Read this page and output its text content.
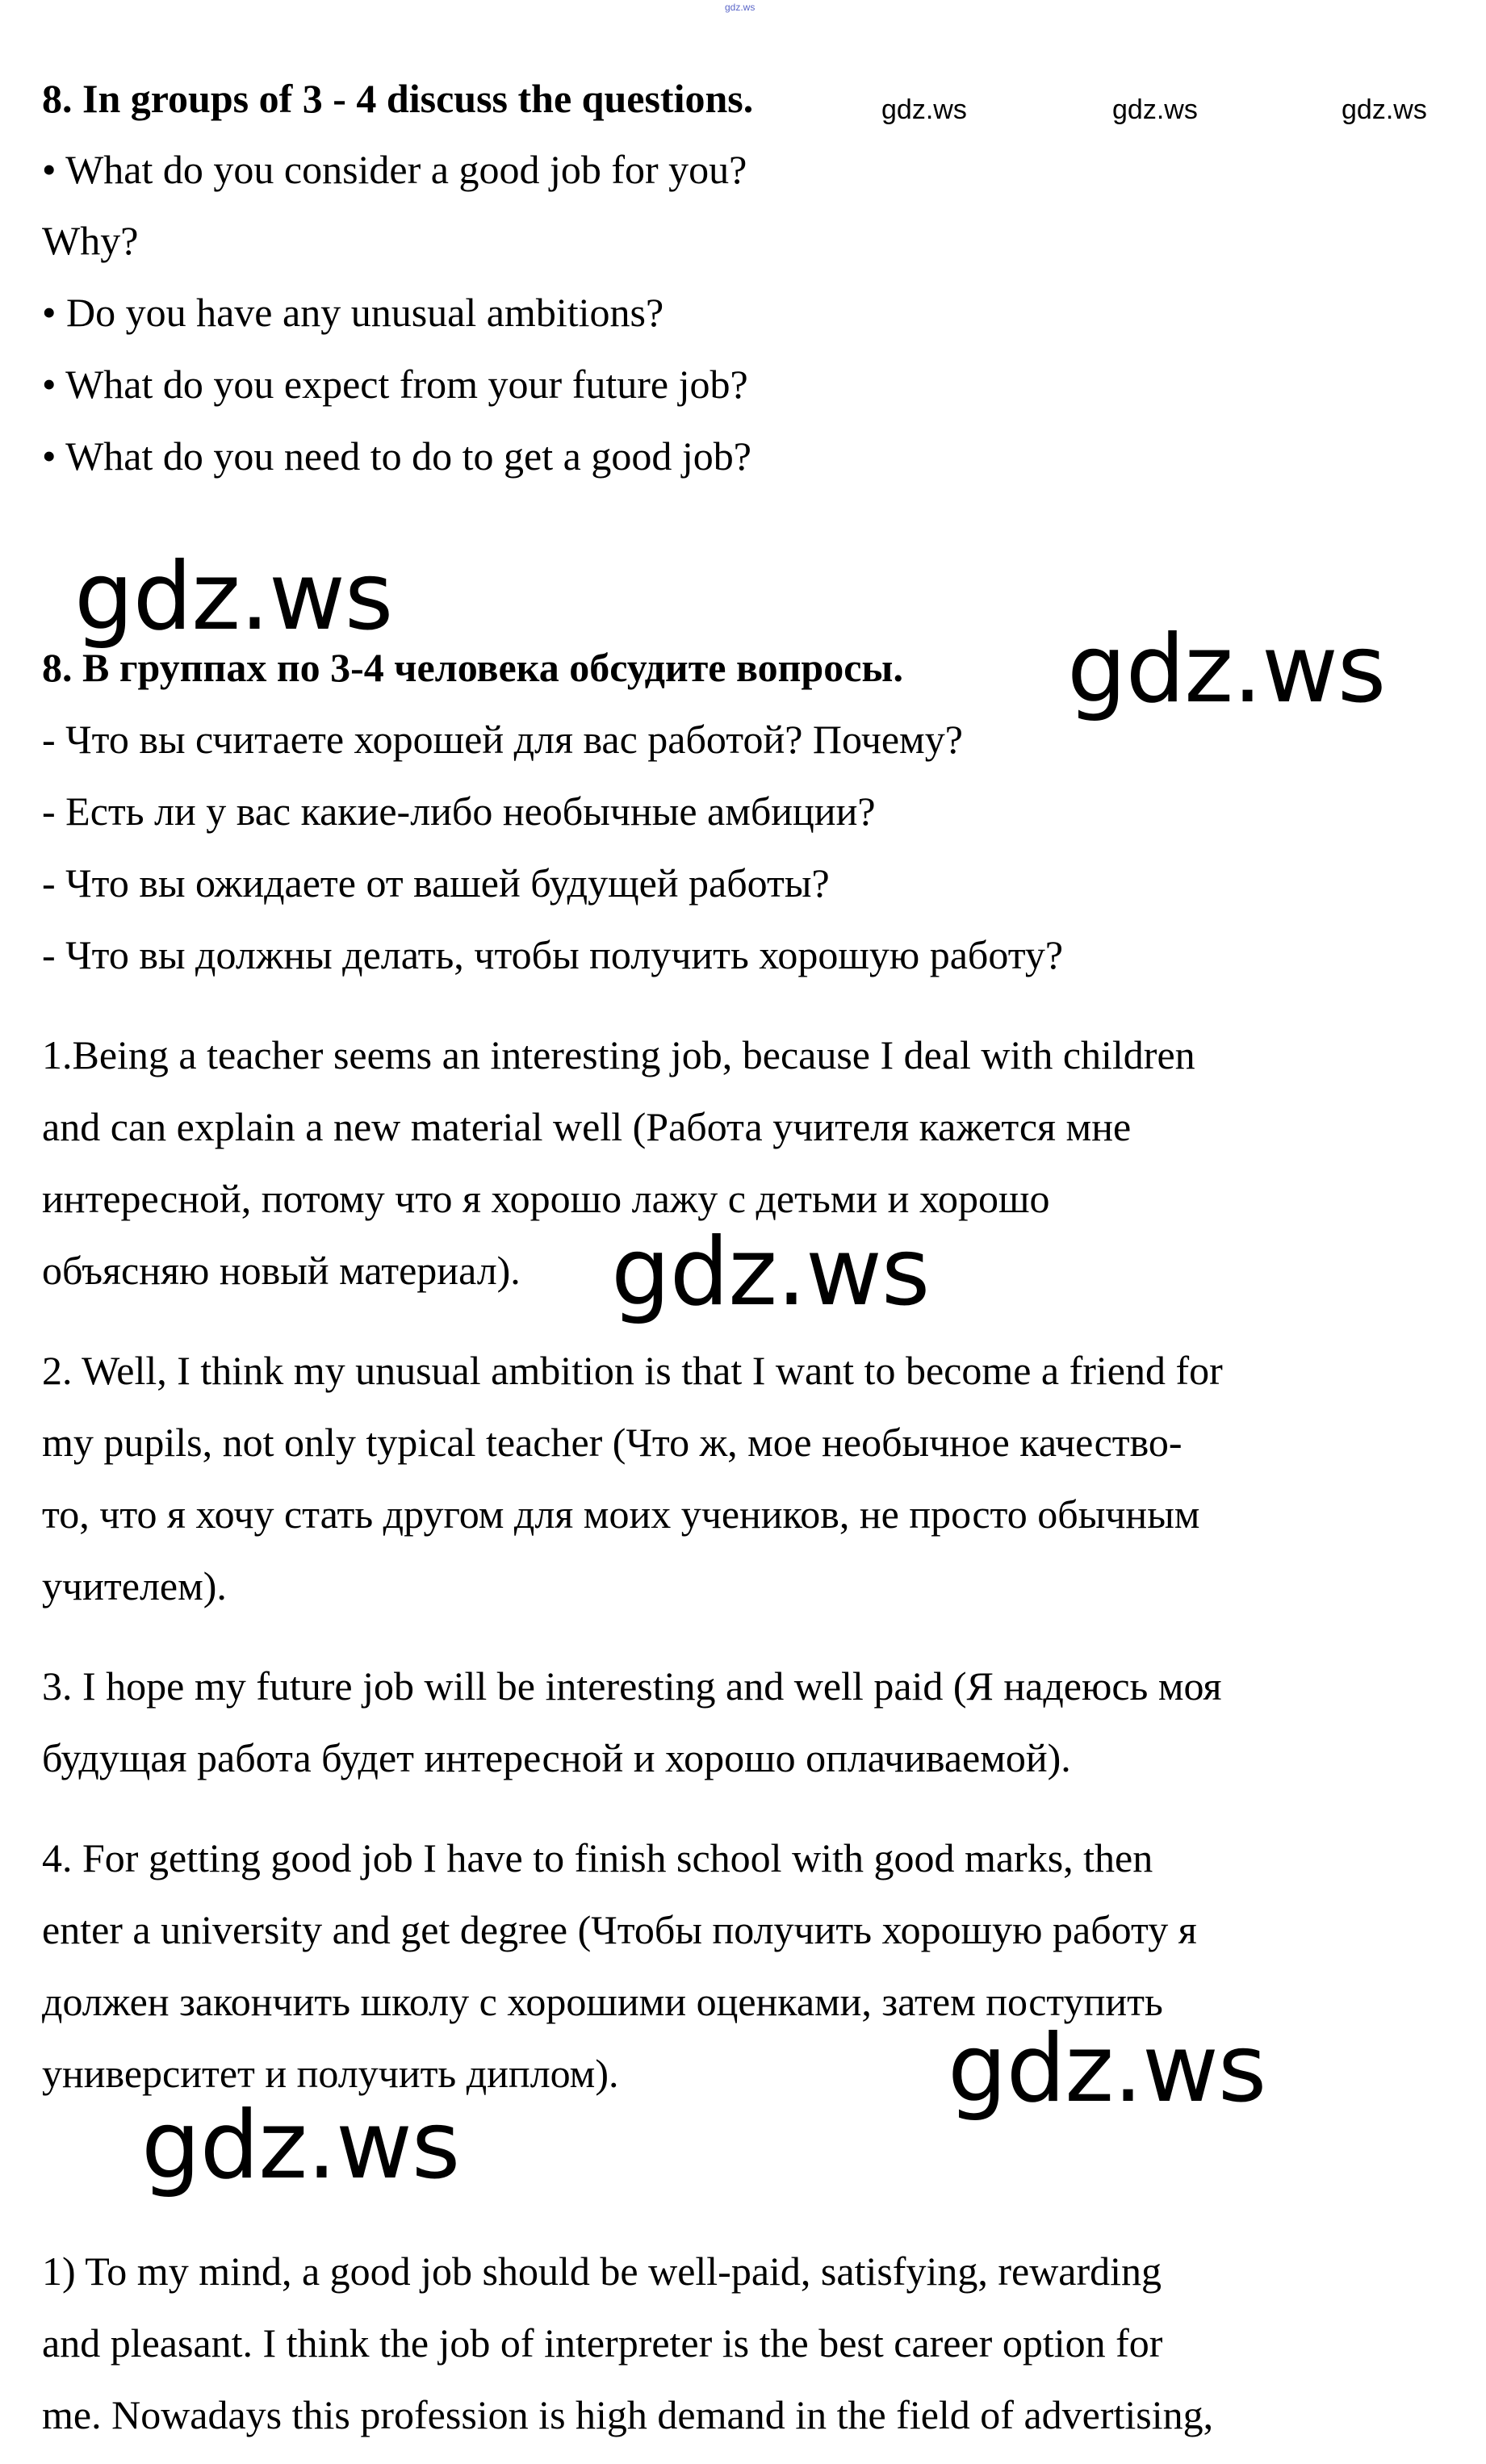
gdz.ws
8. In groups of 3 - 4 discuss the questions.
• What do you consider a good job for you?
Why?
• Do you have any unusual ambitions?
• What do you expect from your future job?
• What do you need to do to get a good job?
8. В группах по 3-4 человека обсудите вопросы.
- Что вы считаете хорошей для вас работой? Почему?
- Есть ли у вас какие-либо необычные амбиции?
- Что вы ожидаете от вашей будущей работы?
- Что вы должны делать, чтобы получить хорошую работу?
1.Being a teacher seems an interesting job, because I deal with children
and can explain a new material well (Работа учителя кажется мне
интересной, потому что я хорошо лажу с детьми и хорошо
объясняю новый материал).
2. Well, I think my unusual ambition is that I want to become a friend for
my pupils, not only typical teacher (Что ж, мое необычное качество-
то, что я хочу стать другом для моих учеников, не просто обычным
учителем).
3. I hope my future job will be interesting and well paid (Я надеюсь моя
будущая работа будет интересной и хорошо оплачиваемой).
4. For getting good job I have to finish school with good marks, then
enter a university and get degree (Чтобы получить хорошую работу я
должен закончить школу с хорошими оценками, затем поступить
университет и получить диплом).
1) To my mind, a good job should be well-paid, satisfying, rewarding
and pleasant. I think the job of interpreter is the best career option for
me. Nowadays this profession is high demand in the field of advertising,
gdz.ws	gdz.ws	gdz.ws
gdz.ws
gdz.ws
gdz.ws
gdz.ws
gdz.ws
